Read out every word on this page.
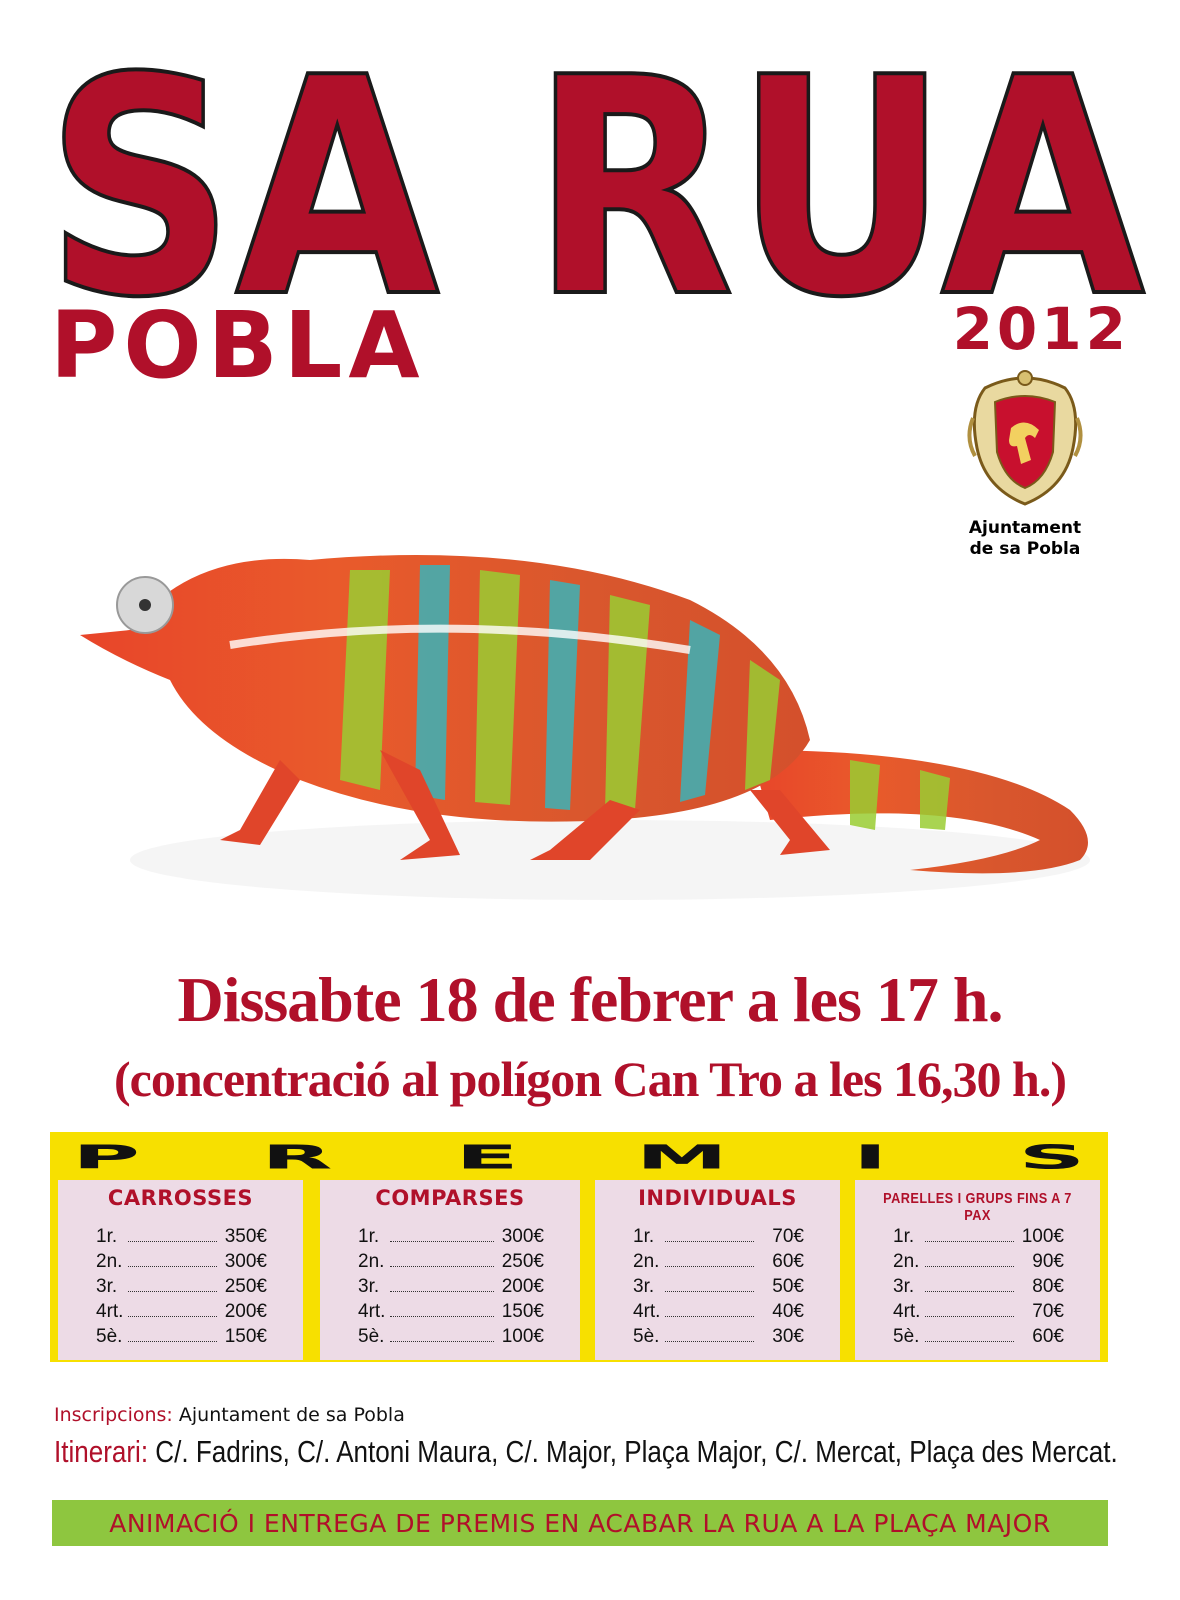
SA RUA
POBLA	2012
Ajuntament
de sa Pobla
Dissabte 18 de febrer a les 17 h.
(concentració al polígon Can Tro a les 16,30 h.)
P	R	E	M	I	S
CARROSSES
1r.	350€
2n.	300€
3r.	250€
4rt.	200€
5è.	150€
COMPARSES
1r.	300€
2n.	250€
3r.	200€
4rt.	150€
5è.	100€
INDIVIDUALS
1r.	70€
2n.	60€
3r.	50€
4rt.	40€
5è.	30€
PARELLES I GRUPS FINS A 7 PAX
1r.	100€
2n.	90€
3r.	80€
4rt.	70€
5è.	60€
Inscripcions: Ajuntament de sa Pobla
Itinerari: C/. Fadrins, C/. Antoni Maura, C/. Major, Plaça Major, C/. Mercat, Plaça des Mercat.
ANIMACIÓ I ENTREGA DE PREMIS EN ACABAR LA RUA A LA PLAÇA MAJOR
